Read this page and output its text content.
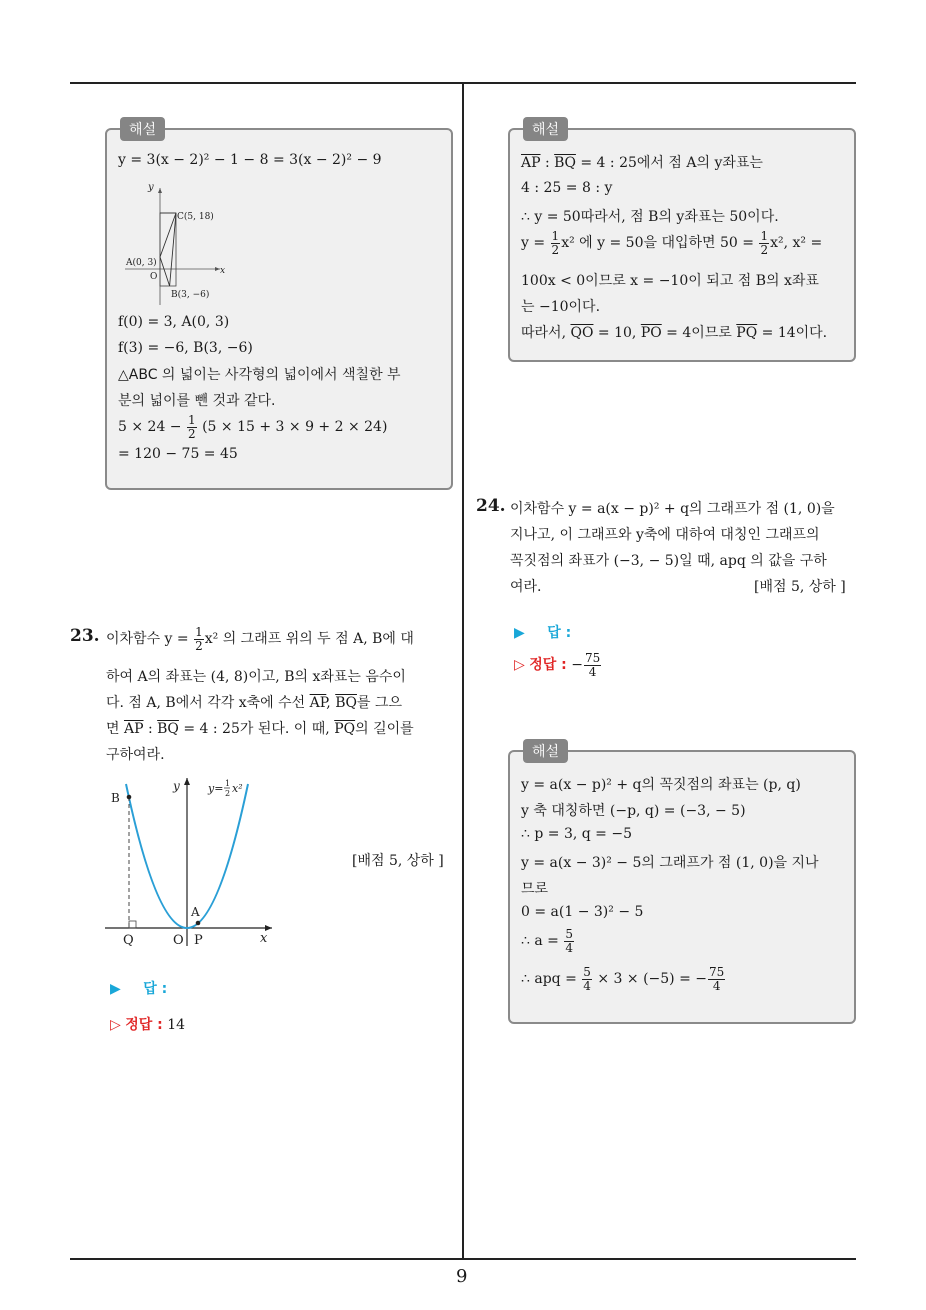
9
해설
y = 3(x − 2)² − 1 − 8 = 3(x − 2)² − 9
y
C(5, 18)
A(0, 3)
O
x
B(3, −6)
f(0) = 3, A(0, 3)
f(3) = −6, B(3, −6)
△ABC 의 넓이는 사각형의 넓이에서 색칠한 부
분의 넓이를 뺀 것과 같다.
$5 \times 24 - \frac{1}{2} (5 \times 15 + 3 \times 9 + 2 \times 24)$
= 120 − 75 = 45
해설
$\overline{AP}$ : $\overline{BQ} = 4$ : 25에서 점 A의 y좌표는
4 : 25 = 8 : y
∴ y = 50따라서, 점 B의 y좌표는 50이다.
$y = \frac{1}{2} x^2$ 에 y = 50을 대입하면 $50 = \frac{1}{2} x^2$, x² =
100x < 0이므로 x = −10이 되고 점 B의 x좌표
는 −10이다.
따라서, $\overline{QO} = 10$, $\overline{PO} = 4$이므로 $\overline{PQ} = 14$이다.
23. 이차함수 $y = \frac{1}{2} x^2$ 의 그래프 위의 두 점 A, B에 대
하여 A의 좌표는 (4, 8)이고, B의 x좌표는 음수이
다. 점 A, B에서 각각 x축에 수선 $\overline{AP}$, $\overline{BQ}$를 그으
면 $\overline{AP}$ : $\overline{BQ} = 4$ : 25가 된다. 이 때, $\overline{PQ}$의 길이를
구하여라.
B
A
y	y= 1
2 x²
Q	O P	x
[배점 5, 상하 ]
▶ 답 :
▷ 정답 : 14
24. 이차함수 y = a(x − p)² + q의 그래프가 점 (1, 0)을
지나고, 이 그래프와 y축에 대하여 대칭인 그래프의
꼭짓점의 좌표가 (−3, − 5)일 때, apq 의 값을 구하
여라.	[배점 5, 상하 ]
▶ 답 :
▷ 정답 : − $\frac{75}{4}$
해설
y = a(x − p)² + q의 꼭짓점의 좌표는 (p, q)
y 축 대칭하면 (−p, q) = (−3, − 5)
∴ p = 3, q = −5
y = a(x − 3)² − 5의 그래프가 점 (1, 0)을 지나
므로
0 = a(1 − 3)² − 5
∴ $a = \frac{5}{4}$
∴ apq = $\frac{5}{4} \times 3 \times (-5)$ = − $\frac{75}{4}$
